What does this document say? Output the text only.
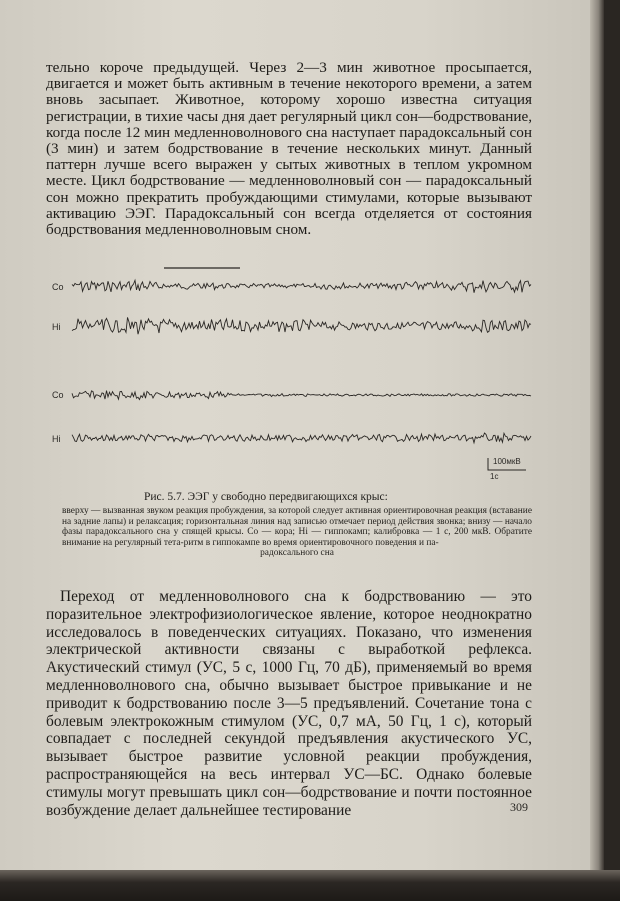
тельно короче предыдущей. Через 2—3 мин животное просыпается, двигается и может быть активным в течение некоторого времени, а затем вновь засыпает. Животное, которому хорошо известна ситуация регистрации, в тихие часы дня дает регулярный цикл сон—бодрствование, когда после 12 мин медленноволнового сна наступает парадоксальный сон (3 мин) и затем бодрствование в течение нескольких минут. Данный паттерн лучше всего выражен у сытых животных в теплом укромном месте. Цикл бодрствование — медленноволновый сон — парадоксальный сон можно прекратить пробуждающими стимулами, которые вызывают активацию ЭЭГ. Парадоксальный сон всегда отделяется от состояния бодрствования медленноволновым сном.

Co
Hi
Co
Hi
100мкВ
1с

Рис. 5.7. ЭЭГ у свободно передвигающихся крыс:

вверху — вызванная звуком реакция пробуждения, за которой следует активная ориентировочная реакция (вставание на задние лапы) и релаксация; горизонтальная линия над записью отмечает период действия звонка; внизу — начало фазы парадоксального сна у спящей крысы. Co — кора; Hi — гиппокамп; калибровка — 1 с, 200 мкВ. Обратите внимание на регулярный тета-ритм в гиппокампе во время ориентировочного поведения и па-
радоксального сна

Переход от медленноволнового сна к бодрствованию — это поразительное электрофизиологическое явление, которое неоднократно исследовалось в поведенческих ситуациях. Показано, что изменения электрической активности связаны с выработкой рефлекса. Акустический стимул (УС, 5 с, 1000 Гц, 70 дБ), применяемый во время медленноволнового сна, обычно вызывает быстрое привыкание и не приводит к бодрствованию после 3—5 предъявлений. Сочетание тона с болевым электрокожным стимулом (УС, 0,7 мА, 50 Гц, 1 с), который совпадает с последней секундой предъявления акустического УС, вызывает быстрое развитие условной реакции пробуждения, распространяющейся на весь интервал УС—БС. Однако болевые стимулы могут превышать цикл сон—бодрствование и почти постоянное возбуждение делает дальнейшее тестирование	309
